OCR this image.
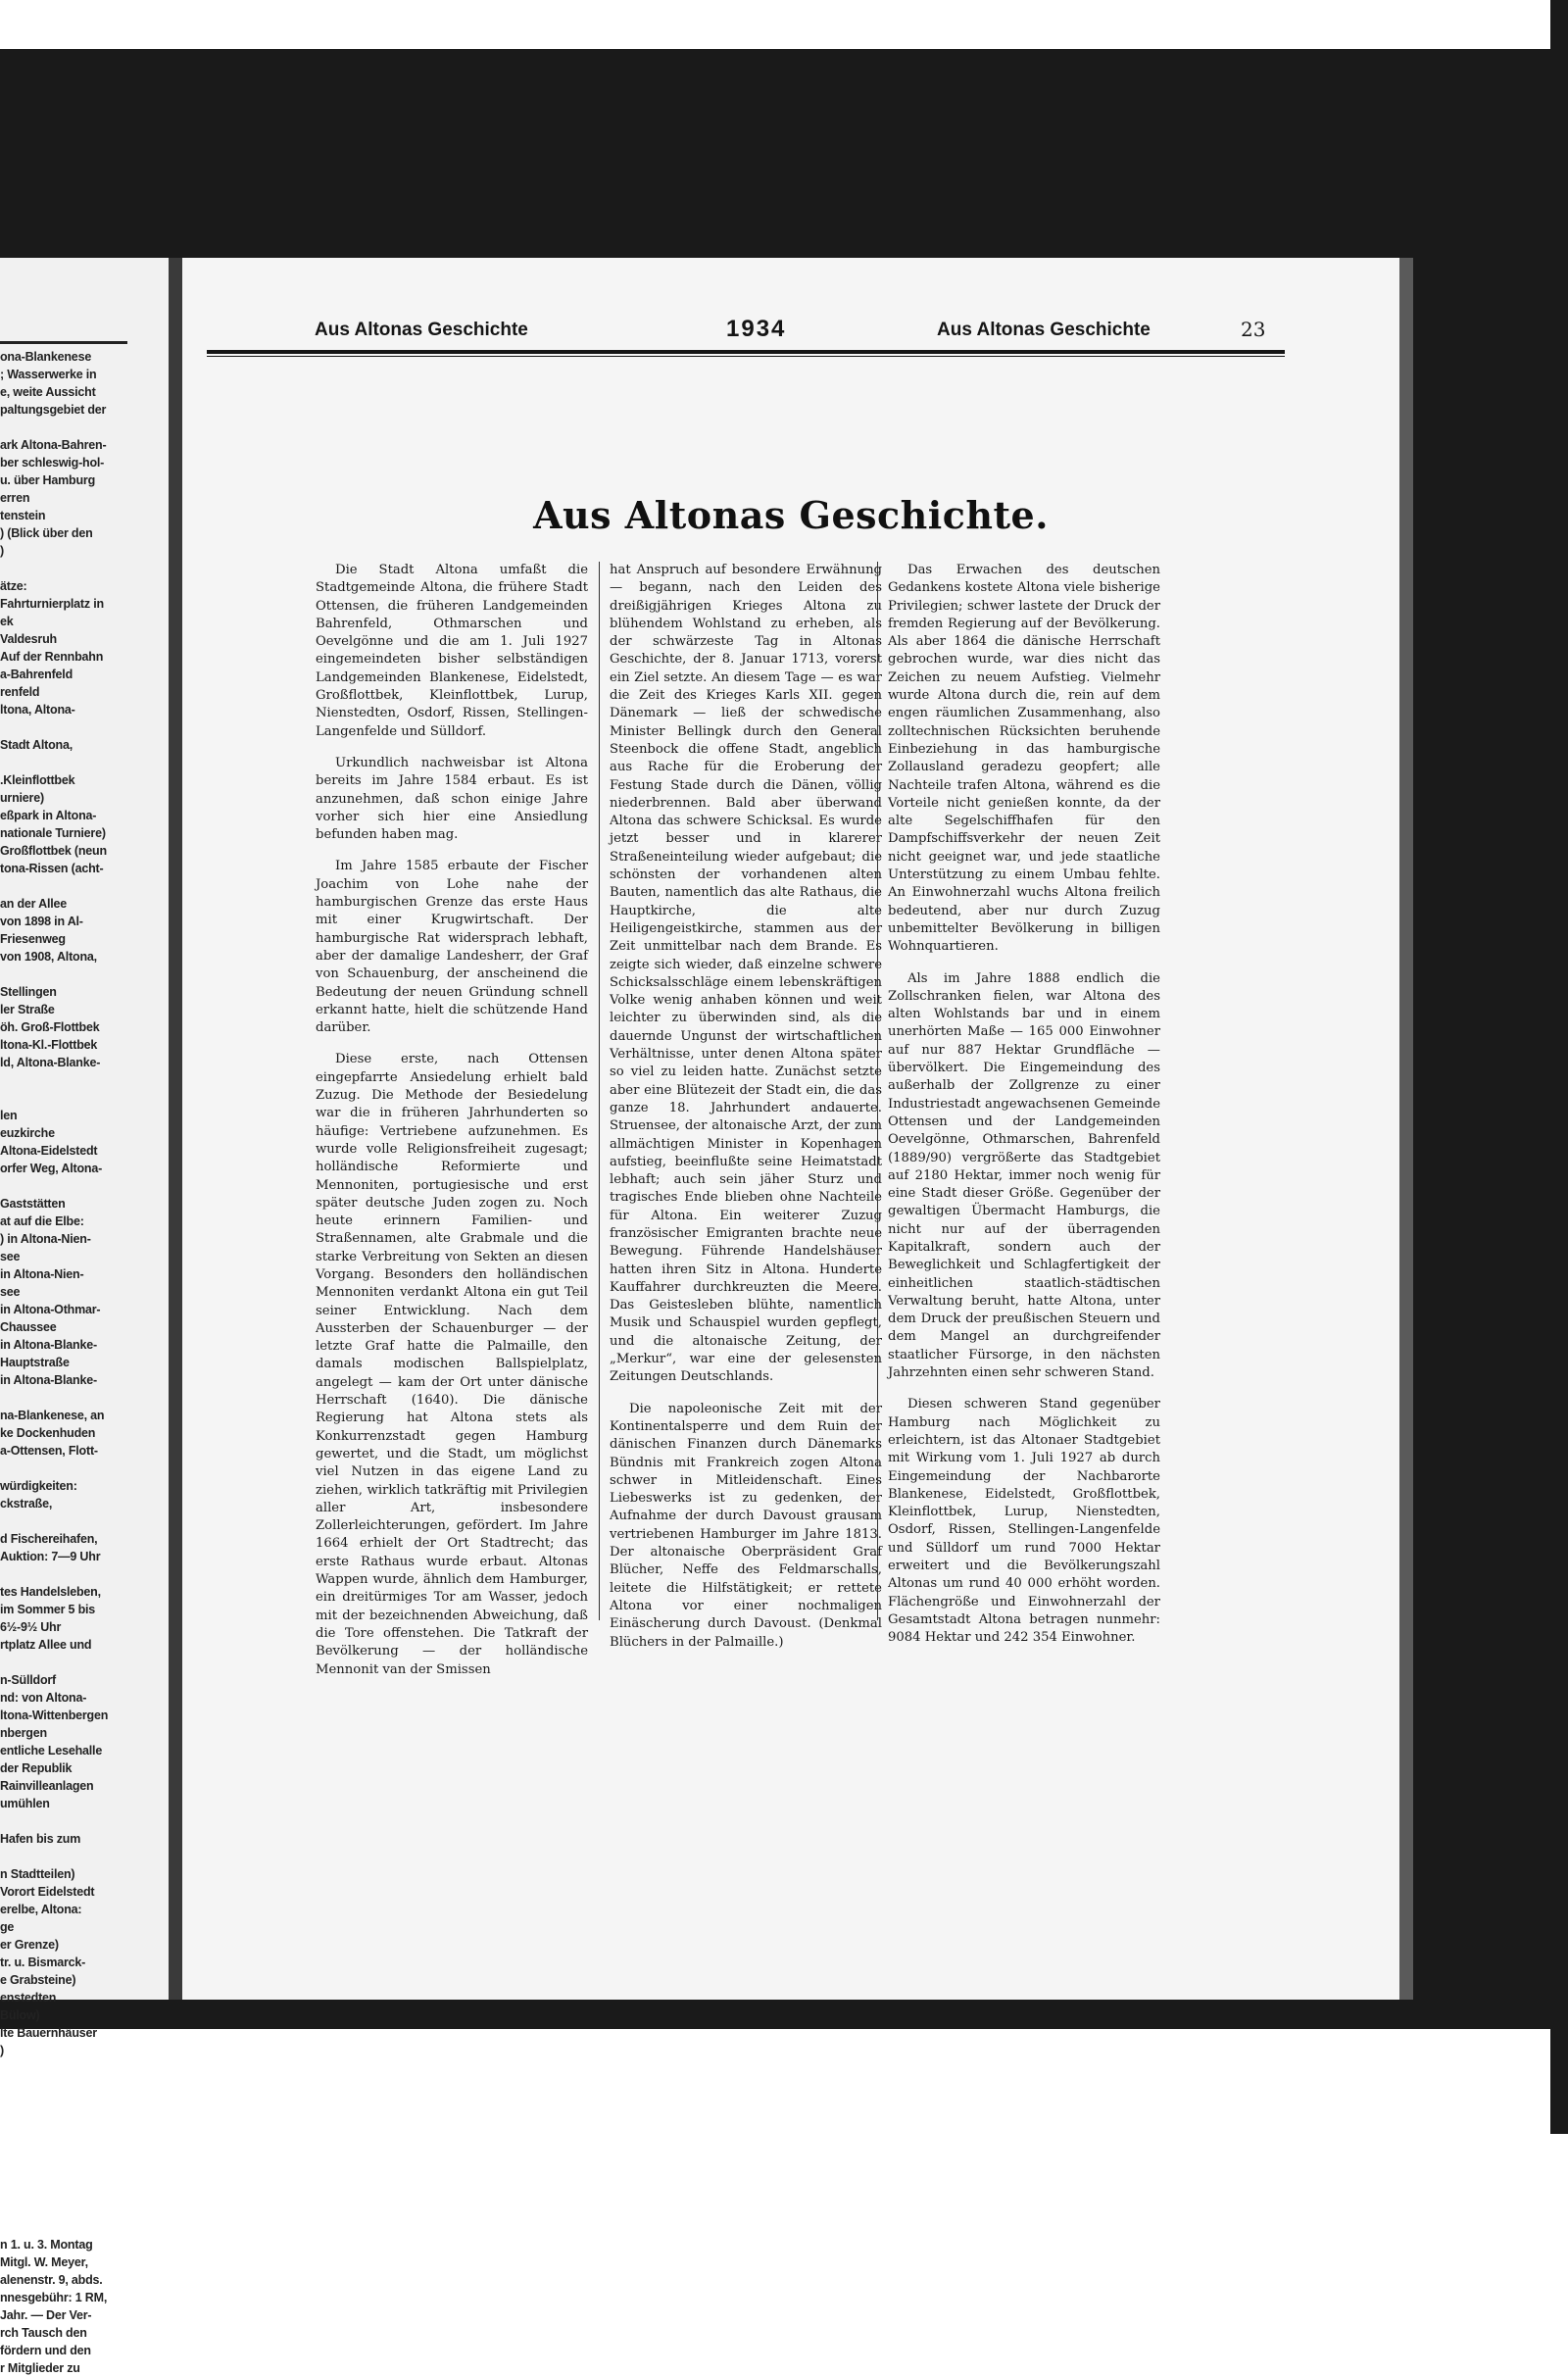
ona-Blankenese
; Wasserwerke in
e, weite Aussicht
paltungsgebiet der

ark Altona-Bahren-
ber schleswig-hol-
u. über Hamburg
erren
tenstein
) (Blick über den
)

ätze:
Fahrturnierplatz in
ek
Valdesruh
Auf der Rennbahn
a-Bahrenfeld
renfeld
ltona, Altona-

Stadt Altona,

.Kleinflottbek
urniere)
eßpark in Altona-
nationale Turniere)
Großflottbek (neun
tona-Rissen (acht-

an der Allee
von 1898 in Al-
Friesenweg
von 1908, Altona,

Stellingen
ler Straße
öh. Groß-Flottbek
ltona-Kl.-Flottbek
ld, Altona-Blanke-

len
euzkirche
Altona-Eidelstedt
orfer Weg, Altona-

Gaststätten
at auf die Elbe:
) in Altona-Nien-
see
in Altona-Nien-
see
in Altona-Othmar-
Chaussee
in Altona-Blanke-
Hauptstraße
in Altona-Blanke-

na-Blankenese, an
ke Dockenhuden
a-Ottensen, Flott-

würdigkeiten:
ckstraße,

d Fischereihafen,
Auktion: 7—9 Uhr

tes Handelsleben,
im Sommer 5 bis
6½-9½ Uhr
rtplatz Allee und

n-Sülldorf
nd: von Altona-
ltona-Wittenbergen
nbergen
entliche Lesehalle
der Republik
Rainvilleanlagen
umühlen

Hafen bis zum

n Stadtteilen)
Vorort Eidelstedt
erelbe, Altona:
ge
er Grenze)
tr. u. Bismarck-
e Grabsteine)
enstedten
Bülow)
lte Bauernhäuser
)

n 1. u. 3. Montag
Mitgl. W. Meyer,
alenenstr. 9, abds.
nnesgebühr: 1 RM,
Jahr. — Der Ver-
rch Tausch den
fördern und den
r Mitglieder zu
Aus Altonas Geschichte	1934	Aus Altonas Geschichte	23
Aus Altonas Geschichte.

Die Stadt Altona umfaßt die Stadtgemeinde Altona, die frühere Stadt Ottensen, die früheren Landgemeinden Bahrenfeld, Othmarschen und Oevelgönne und die am 1. Juli 1927 eingemeindeten bisher selbständigen Landgemeinden Blankenese, Eidelstedt, Großflottbek, Kleinflottbek, Lurup, Nienstedten, Osdorf, Rissen, Stellingen-Langenfelde und Sülldorf.

Urkundlich nachweisbar ist Altona bereits im Jahre 1584 erbaut. Es ist anzunehmen, daß schon einige Jahre vorher sich hier eine Ansiedlung befunden haben mag.

Im Jahre 1585 erbaute der Fischer Joachim von Lohe nahe der hamburgischen Grenze das erste Haus mit einer Krugwirtschaft. Der hamburgische Rat widersprach lebhaft, aber der damalige Landesherr, der Graf von Schauenburg, der anscheinend die Bedeutung der neuen Gründung schnell erkannt hatte, hielt die schützende Hand darüber.

Diese erste, nach Ottensen eingepfarrte Ansiedelung erhielt bald Zuzug. Die Methode der Besiedelung war die in früheren Jahrhunderten so häufige: Vertriebene aufzunehmen. Es wurde volle Religionsfreiheit zugesagt; holländische Reformierte und Mennoniten, portugiesische und erst später deutsche Juden zogen zu. Noch heute erinnern Familien- und Straßennamen, alte Grabmale und die starke Verbreitung von Sekten an diesen Vorgang. Besonders den holländischen Mennoniten verdankt Altona ein gut Teil seiner Entwicklung. Nach dem Aussterben der Schauenburger — der letzte Graf hatte die Palmaille, den damals modischen Ballspielplatz, angelegt — kam der Ort unter dänische Herrschaft (1640). Die dänische Regierung hat Altona stets als Konkurrenzstadt gegen Hamburg gewertet, und die Stadt, um möglichst viel Nutzen in das eigene Land zu ziehen, wirklich tatkräftig mit Privilegien aller Art, insbesondere Zollerleichterungen, gefördert. Im Jahre 1664 erhielt der Ort Stadtrecht; das erste Rathaus wurde erbaut. Altonas Wappen wurde, ähnlich dem Hamburger, ein dreitürmiges Tor am Wasser, jedoch mit der bezeichnenden Abweichung, daß die Tore offenstehen. Die Tatkraft der Bevölkerung — der holländische Mennonit van der Smissen

hat Anspruch auf besondere Erwähnung — begann, nach den Leiden des dreißigjährigen Krieges Altona zu blühendem Wohlstand zu erheben, als der schwärzeste Tag in Altonas Geschichte, der 8. Januar 1713, vorerst ein Ziel setzte. An diesem Tage — es war die Zeit des Krieges Karls XII. gegen Dänemark — ließ der schwedische Minister Bellingk durch den General Steenbock die offene Stadt, angeblich aus Rache für die Eroberung der Festung Stade durch die Dänen, völlig niederbrennen. Bald aber überwand Altona das schwere Schicksal. Es wurde jetzt besser und in klarerer Straßeneinteilung wieder aufgebaut; die schönsten der vorhandenen alten Bauten, namentlich das alte Rathaus, die Hauptkirche, die alte Heiligengeistkirche, stammen aus der Zeit unmittelbar nach dem Brande. Es zeigte sich wieder, daß einzelne schwere Schicksalsschläge einem lebenskräftigen Volke wenig anhaben können und weit leichter zu überwinden sind, als die dauernde Ungunst der wirtschaftlichen Verhältnisse, unter denen Altona später so viel zu leiden hatte. Zunächst setzte aber eine Blütezeit der Stadt ein, die das ganze 18. Jahrhundert andauerte. Struensee, der altonaische Arzt, der zum allmächtigen Minister in Kopenhagen aufstieg, beeinflußte seine Heimatstadt lebhaft; auch sein jäher Sturz und tragisches Ende blieben ohne Nachteile für Altona. Ein weiterer Zuzug französischer Emigranten brachte neue Bewegung. Führende Handelshäuser hatten ihren Sitz in Altona. Hunderte Kauffahrer durchkreuzten die Meere. Das Geistesleben blühte, namentlich Musik und Schauspiel wurden gepflegt, und die altonaische Zeitung, der „Merkur“, war eine der gelesensten Zeitungen Deutschlands.

Die napoleonische Zeit mit der Kontinentalsperre und dem Ruin der dänischen Finanzen durch Dänemarks Bündnis mit Frankreich zogen Altona schwer in Mitleidenschaft. Eines Liebeswerks ist zu gedenken, der Aufnahme der durch Davoust grausam vertriebenen Hamburger im Jahre 1813. Der altonaische Oberpräsident Graf Blücher, Neffe des Feldmarschalls, leitete die Hilfstätigkeit; er rettete Altona vor einer nochmaligen Einäscherung durch Davoust. (Denkmal Blüchers in der Palmaille.)

Das Erwachen des deutschen Gedankens kostete Altona viele bisherige Privilegien; schwer lastete der Druck der fremden Regierung auf der Bevölkerung. Als aber 1864 die dänische Herrschaft gebrochen wurde, war dies nicht das Zeichen zu neuem Aufstieg. Vielmehr wurde Altona durch die, rein auf dem engen räumlichen Zusammenhang, also zolltechnischen Rücksichten beruhende Einbeziehung in das hamburgische Zollausland geradezu geopfert; alle Nachteile trafen Altona, während es die Vorteile nicht genießen konnte, da der alte Segelschiffhafen für den Dampfschiffsverkehr der neuen Zeit nicht geeignet war, und jede staatliche Unterstützung zu einem Umbau fehlte. An Einwohnerzahl wuchs Altona freilich bedeutend, aber nur durch Zuzug unbemittelter Bevölkerung in billigen Wohnquartieren.

Als im Jahre 1888 endlich die Zollschranken fielen, war Altona des alten Wohlstands bar und in einem unerhörten Maße — 165 000 Einwohner auf nur 887 Hektar Grundfläche — übervölkert. Die Eingemeindung des außerhalb der Zollgrenze zu einer Industriestadt angewachsenen Gemeinde Ottensen und der Landgemeinden Oevelgönne, Othmarschen, Bahrenfeld (1889/90) vergrößerte das Stadtgebiet auf 2180 Hektar, immer noch wenig für eine Stadt dieser Größe. Gegenüber der gewaltigen Übermacht Hamburgs, die nicht nur auf der überragenden Kapitalkraft, sondern auch der Beweglichkeit und Schlagfertigkeit der einheitlichen staatlich-städtischen Verwaltung beruht, hatte Altona, unter dem Druck der preußischen Steuern und dem Mangel an durchgreifender staatlicher Fürsorge, in den nächsten Jahrzehnten einen sehr schweren Stand.

Diesen schweren Stand gegenüber Hamburg nach Möglichkeit zu erleichtern, ist das Altonaer Stadtgebiet mit Wirkung vom 1. Juli 1927 ab durch Eingemeindung der Nachbarorte Blankenese, Eidelstedt, Großflottbek, Kleinflottbek, Lurup, Nienstedten, Osdorf, Rissen, Stellingen-Langenfelde und Sülldorf um rund 7000 Hektar erweitert und die Bevölkerungszahl Altonas um rund 40 000 erhöht worden. Flächengröße und Einwohnerzahl der Gesamtstadt Altona betragen nunmehr: 9084 Hektar und 242 354 Einwohner.
